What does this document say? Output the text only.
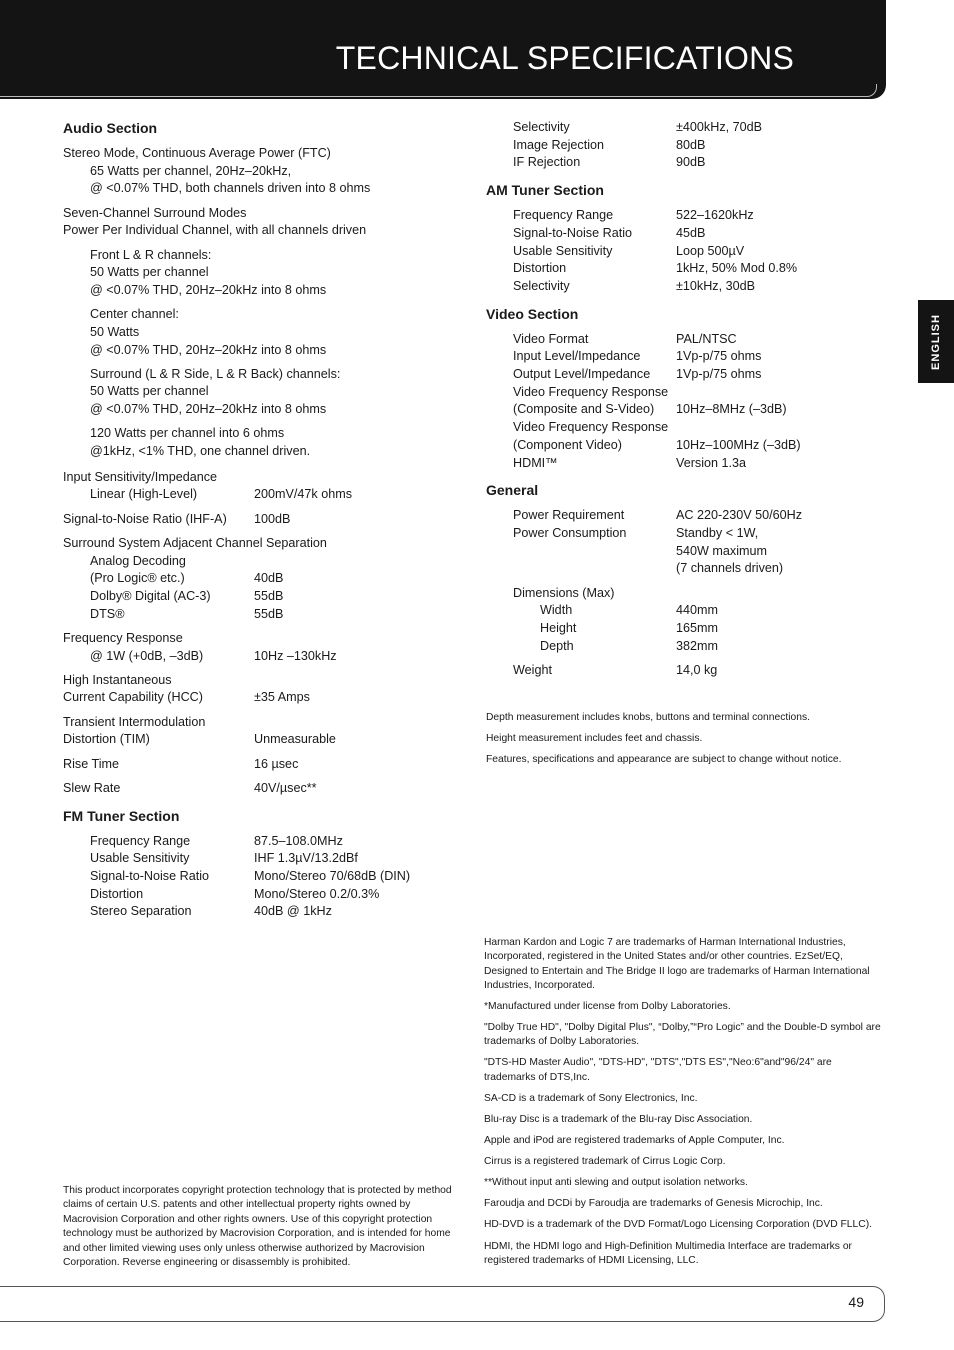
TECHNICAL SPECIFICATIONS
ENGLISH
Audio Section
Stereo Mode, Continuous Average Power (FTC)
65 Watts per channel, 20Hz–20kHz,
@ <0.07% THD, both channels driven into 8 ohms
Seven-Channel Surround Modes
Power Per Individual Channel, with all channels driven
Front L & R channels:
50 Watts per channel
@ <0.07% THD, 20Hz–20kHz into 8 ohms
Center channel:
50 Watts
@ <0.07% THD, 20Hz–20kHz into 8 ohms
Surround (L & R Side, L & R Back) channels:
50 Watts per channel
@ <0.07% THD, 20Hz–20kHz into 8 ohms
120 Watts per channel into 6 ohms
@1kHz, <1% THD, one channel driven.
Input Sensitivity/Impedance
Linear (High-Level)	200mV/47k ohms
Signal-to-Noise Ratio (IHF-A)	100dB
Surround System Adjacent Channel Separation
Analog Decoding
(Pro Logic® etc.)	40dB
Dolby® Digital (AC-3)	55dB
DTS®	55dB
Frequency Response
@ 1W (+0dB, –3dB)	10Hz –130kHz
High Instantaneous
Current Capability (HCC)	±35 Amps
Transient Intermodulation
Distortion (TIM)	Unmeasurable
Rise Time	16 µsec
Slew Rate	40V/µsec**
FM Tuner Section
Frequency Range	87.5–108.0MHz
Usable Sensitivity	IHF 1.3µV/13.2dBf
Signal-to-Noise Ratio	Mono/Stereo 70/68dB (DIN)
Distortion	Mono/Stereo 0.2/0.3%
Stereo Separation	40dB @ 1kHz

This product incorporates copyright protection technology that is protected by method claims of certain U.S. patents and other intellectual property rights owned by Macrovision Corporation and other rights owners. Use of this copyright protection technology must be authorized by Macrovision Corporation, and is intended for home and other limited viewing uses only unless otherwise authorized by Macrovision Corporation. Reverse engineering or disassembly is prohibited.

Selectivity	±400kHz, 70dB
Image Rejection	80dB
IF Rejection	90dB
AM Tuner Section
Frequency Range	522–1620kHz
Signal-to-Noise Ratio	45dB
Usable Sensitivity	Loop 500µV
Distortion	1kHz, 50% Mod 0.8%
Selectivity	±10kHz, 30dB
Video Section
Video Format	PAL/NTSC
Input Level/Impedance	1Vp-p/75 ohms
Output Level/Impedance	1Vp-p/75 ohms
Video Frequency Response
(Composite and S-Video)	10Hz–8MHz (–3dB)
Video Frequency Response
(Component Video)	10Hz–100MHz (–3dB)
HDMI™	Version 1.3a
General
Power Requirement	AC 220-230V 50/60Hz
Power Consumption	Standby < 1W,
540W maximum
(7 channels driven)
Dimensions (Max)
Width	440mm
Height	165mm
Depth	382mm
Weight	14,0 kg

Depth measurement includes knobs, buttons and terminal connections.

Height measurement includes feet and chassis.

Features, specifications and appearance are subject to change without notice.

Harman Kardon and Logic 7 are trademarks of Harman International Industries, Incorporated, registered in the United States and/or other countries. EzSet/EQ, Designed to Entertain and The Bridge II logo are trademarks of Harman International Industries, Incorporated.

*Manufactured under license from Dolby Laboratories.

"Dolby True HD", "Dolby Digital Plus", “Dolby,”“Pro Logic” and the Double-D symbol are trademarks of Dolby Laboratories.

"DTS-HD Master Audio", "DTS-HD", "DTS","DTS ES","Neo:6"and"96/24" are trademarks of DTS,Inc.

SA-CD is a trademark of Sony Electronics, Inc.

Blu-ray Disc is a trademark of the Blu-ray Disc Association.

Apple and iPod are registered trademarks of Apple Computer, Inc.

Cirrus is a registered trademark of Cirrus Logic Corp.

**Without input anti slewing and output isolation networks.

Faroudja and DCDi by Faroudja are trademarks of Genesis Microchip, Inc.

HD-DVD is a trademark of the DVD Format/Logo Licensing Corporation (DVD FLLC).

HDMI, the HDMI logo and High-Definition Multimedia Interface are trademarks or registered trademarks of HDMI Licensing, LLC.

49
